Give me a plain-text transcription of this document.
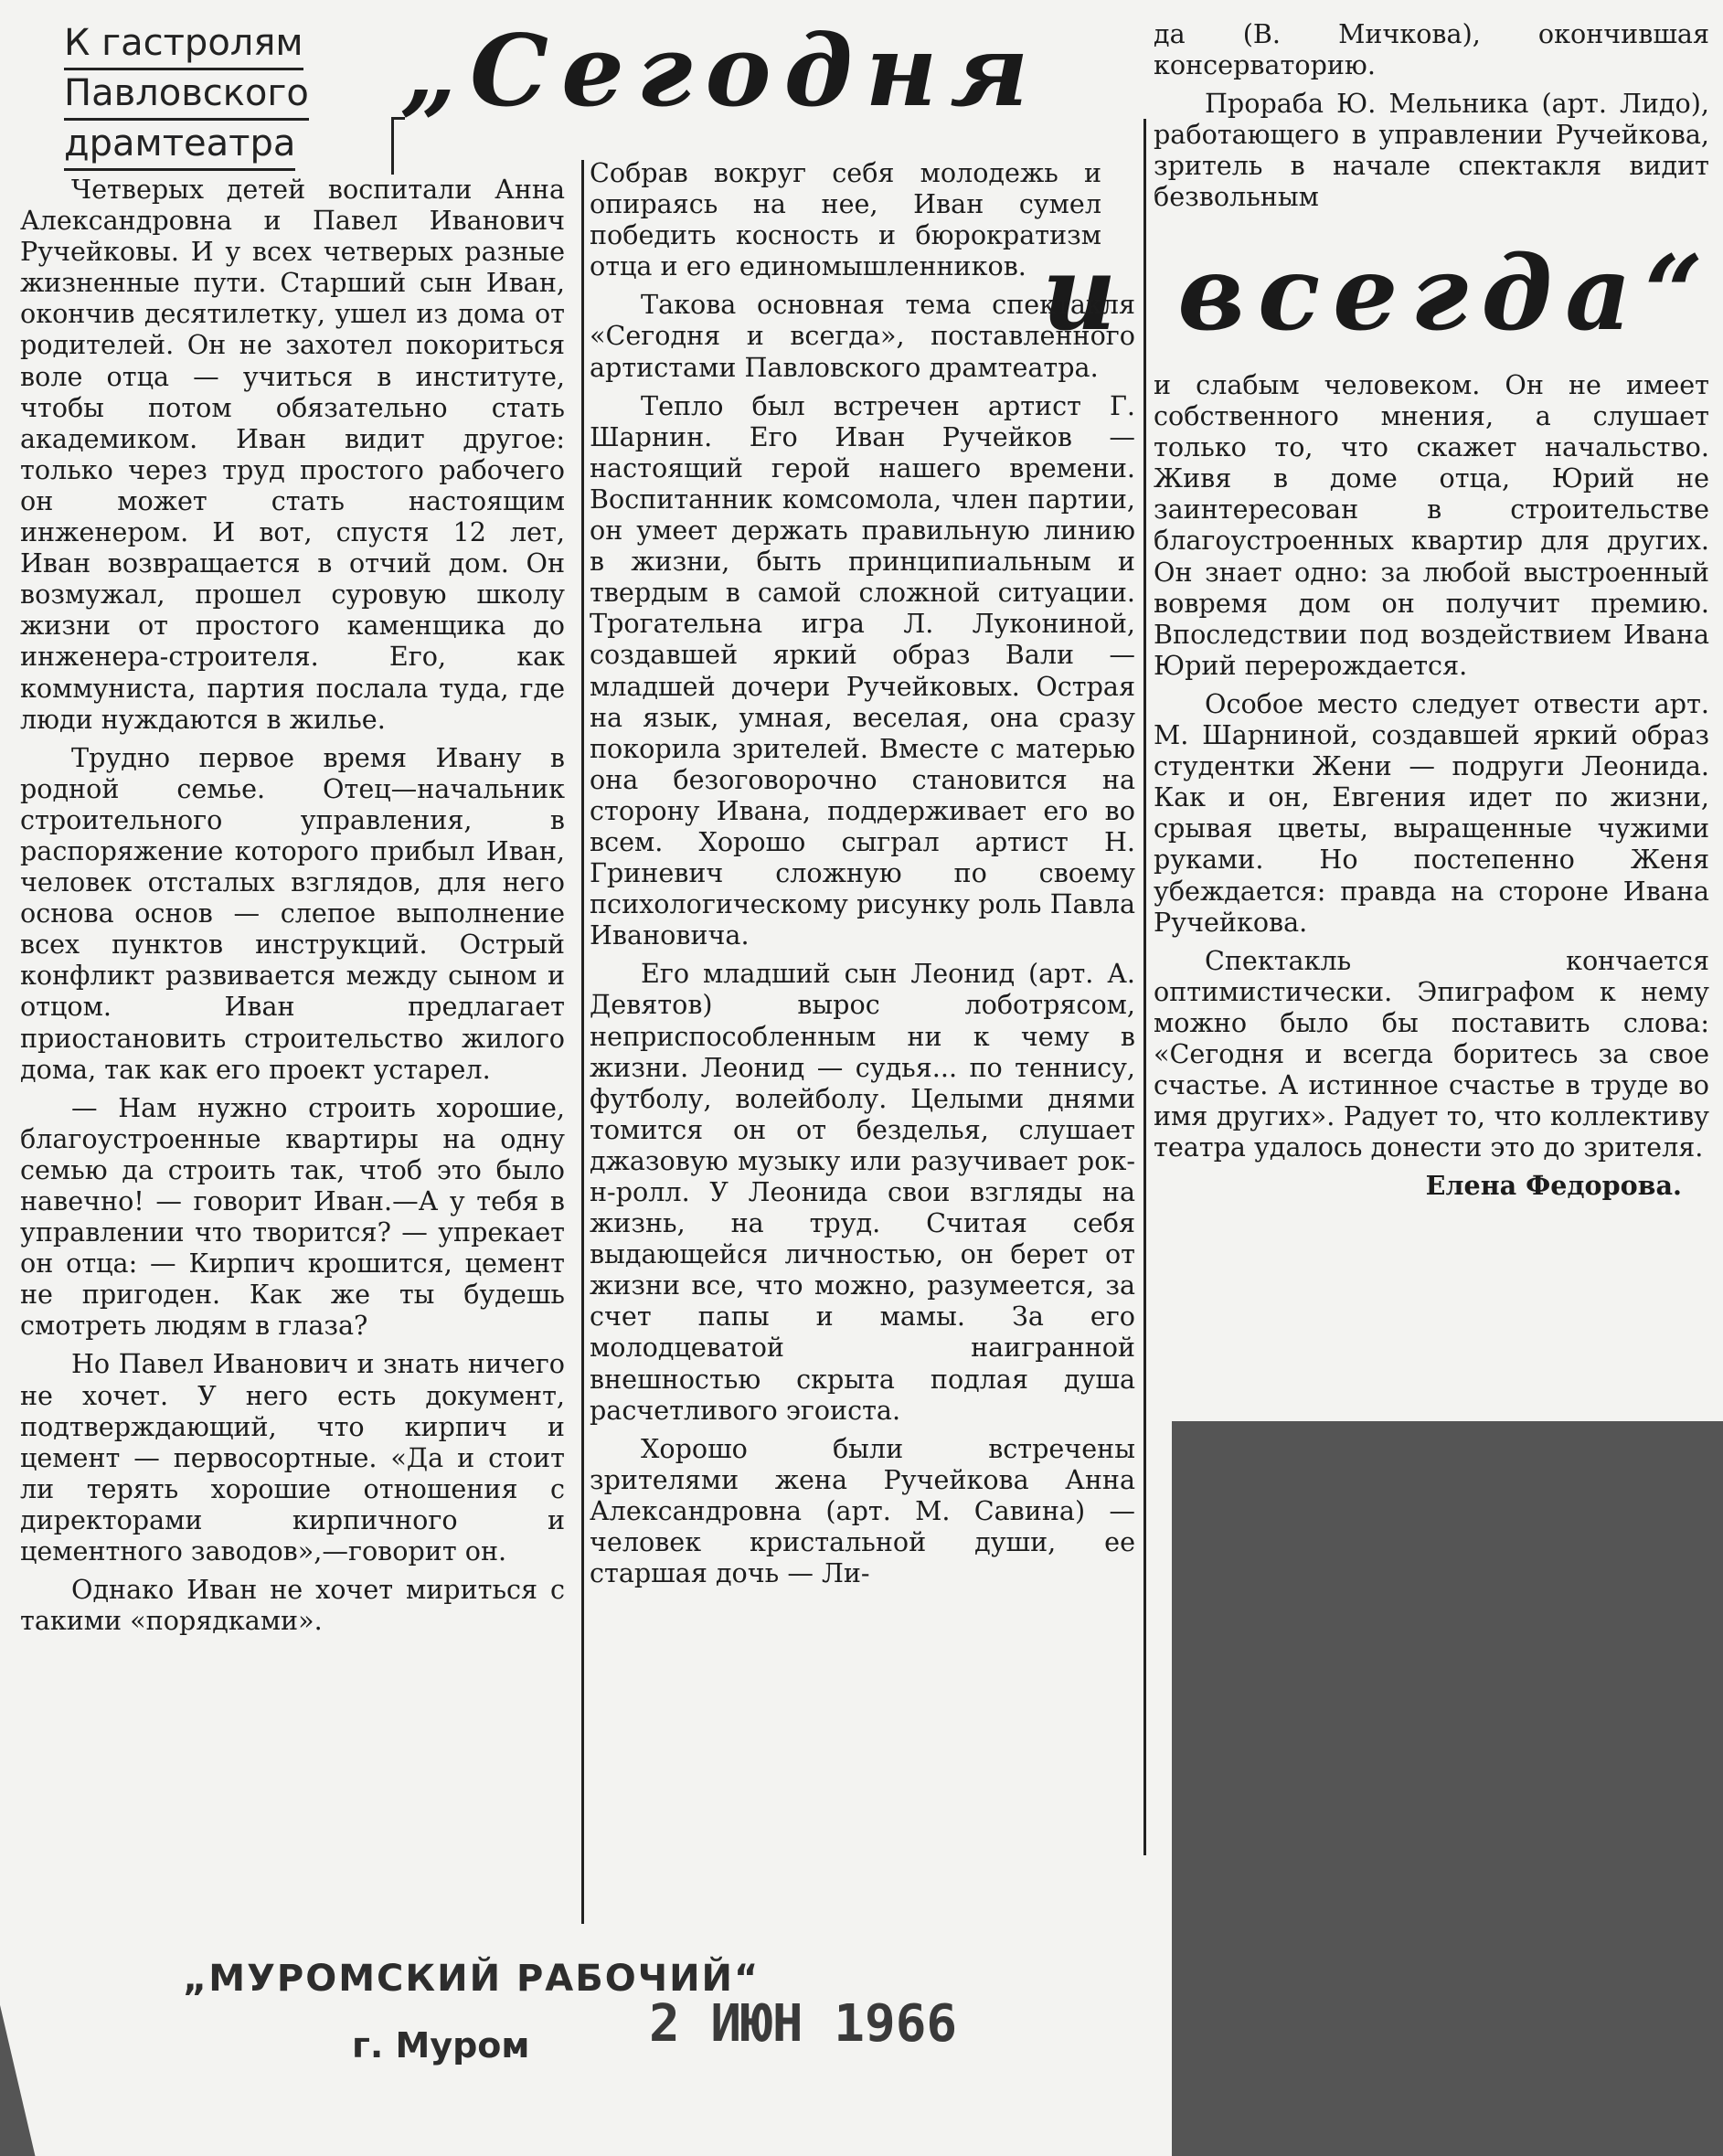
К гастролям
Павловского
драмтеатра
„Сегодня
и всегда“

Четверых детей воспитали Анна Александровна и Павел Иванович Ручейковы. И у всех четверых разные жизненные пути. Старший сын Иван, окончив десятилетку, ушел из дома от родителей. Он не захотел покориться воле отца — учиться в институте, чтобы потом обязательно стать академиком. Иван видит другое: только через труд простого рабочего он может стать настоящим инженером. И вот, спустя 12 лет, Иван возвращается в отчий дом. Он возмужал, прошел суровую школу жизни от простого каменщика до инженера-строителя. Его, как коммуниста, партия послала туда, где люди нуждаются в жилье.

Трудно первое время Ивану в родной семье. Отец—начальник строительного управления, в распоряжение которого прибыл Иван, человек отсталых взглядов, для него основа основ — слепое выполнение всех пунктов инструкций. Острый конфликт развивается между сыном и отцом. Иван предлагает приостановить строительство жилого дома, так как его проект устарел.

— Нам нужно строить хорошие, благоустроенные квартиры на одну семью да строить так, чтоб это было навечно! — говорит Иван.—А у тебя в управлении что творится? — упрекает он отца: — Кирпич крошится, цемент не пригоден. Как же ты будешь смотреть людям в глаза?

Но Павел Иванович и знать ничего не хочет. У него есть документ, подтверждающий, что кирпич и цемент — первосортные. «Да и стоит ли терять хорошие отношения с директорами кирпичного и цементного заводов»,—говорит он.

Однако Иван не хочет мириться с такими «порядками».

Собрав вокруг себя молодежь и опираясь на нее, Иван сумел победить косность и бюрократизм отца и его единомышленников.

Такова основная тема спектакля «Сегодня и всегда», поставленного артистами Павловского драмтеатра.

Тепло был встречен артист Г. Шарнин. Его Иван Ручейков — настоящий герой нашего времени. Воспитанник комсомола, член партии, он умеет держать правильную линию в жизни, быть принципиальным и твердым в самой сложной ситуации. Трогательна игра Л. Лукониной, создавшей яркий образ Вали — младшей дочери Ручейковых. Острая на язык, умная, веселая, она сразу покорила зрителей. Вместе с матерью она безоговорочно становится на сторону Ивана, поддерживает его во всем. Хорошо сыграл артист Н. Гриневич сложную по своему психологическому рисунку роль Павла Ивановича.

Его младший сын Леонид (арт. А. Девятов) вырос лоботрясом, неприспособленным ни к чему в жизни. Леонид — судья... по теннису, футболу, волейболу. Целыми днями томится он от безделья, слушает джазовую музыку или разучивает рок-н-ролл. У Леонида свои взгляды на жизнь, на труд. Считая себя выдающейся личностью, он берет от жизни все, что можно, разумеется, за счет папы и мамы. За его молодцеватой наигранной внешностью скрыта подлая душа расчетливого эгоиста.

Хорошо были встречены зрителями жена Ручейкова Анна Александровна (арт. М. Савина) — человек кристальной души, ее старшая дочь — Ли-

да (В. Мичкова), окончившая консерваторию.

Прораба Ю. Мельника (арт. Лидо), работающего в управлении Ручейкова, зритель в начале спектакля видит безвольным

и слабым человеком. Он не имеет собственного мнения, а слушает только то, что скажет начальство. Живя в доме отца, Юрий не заинтересован в строительстве благоустроенных квартир для других. Он знает одно: за любой выстроенный вовремя дом он получит премию. Впоследствии под воздействием Ивана Юрий перерождается.

Особое место следует отвести арт. М. Шарниной, создавшей яркий образ студентки Жени — подруги Леонида. Как и он, Евгения идет по жизни, срывая цветы, выращенные чужими руками. Но постепенно Женя убеждается: правда на стороне Ивана Ручейкова.

Спектакль кончается оптимистически. Эпиграфом к нему можно было бы поставить слова: «Сегодня и всегда боритесь за свое счастье. А истинное счастье в труде во имя других». Радует то, что коллективу театра удалось донести это до зрителя.

Елена Федорова.

„МУРОМСКИЙ РАБОЧИЙ“
г. Муром 2 ИЮН 1966
